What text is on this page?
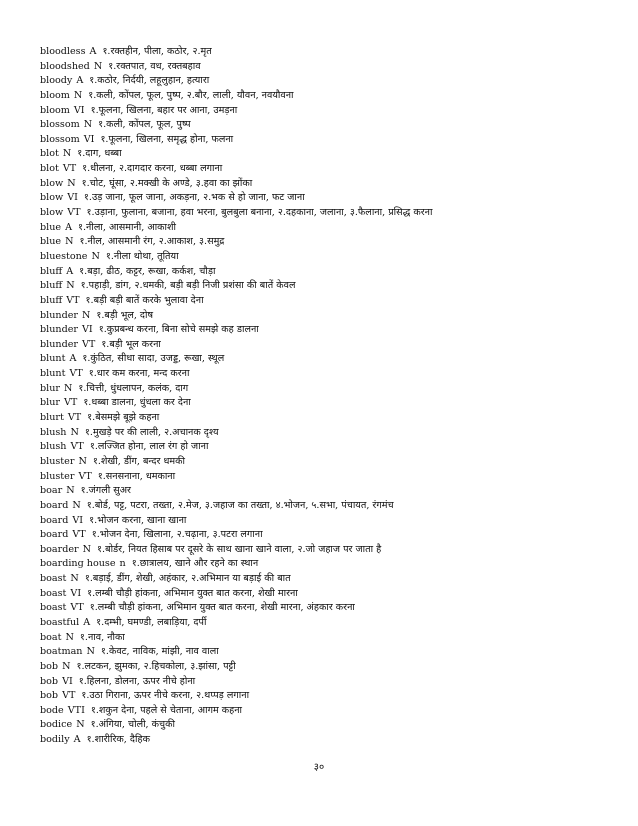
bloodless A १.रक्तहीन, पीला, कठोर, २.मृत
bloodshed N १.रक्तपात, वध, रक्तबहाव
bloody A १.कठोर, निर्दयी, लहूलुहान, हत्यारा
bloom N १.कली, कोंपल, फूल, पुष्प, २.बौर, लाली, यौवन, नवयौवना
bloom VI १.फूलना, खिलना, बहार पर आना, उमड़ना
blossom N १.कली, कोंपल, फूल, पुष्प
blossom VI १.फूलना, खिलना, समृद्ध होना, फलना
blot N १.दाग, धब्बा
blot VT १.धीलना, २.दागदार करना, धब्बा लगाना
blow N १.चोट, घूंसा, २.मक्खी के अण्डे, ३.हवा का झोंका
blow VI १.उड़ जाना, फूल जाना, अकड़ना, २.भक से हो जाना, फट जाना
blow VT १.उड़ाना, फुलाना, बजाना, हवा भरना, बुलबुला बनाना, २.दहकाना, जलाना, ३.फैलाना, प्रसिद्ध करना
blue A १.नीला, आसमानी, आकाशी
blue N १.नील, आसमानी रंग, २.आकाश, ३.समुद्र
bluestone N १.नीला थोथा, तूतिया
bluff A १.बड़ा, ढीठ, कट्टर, रूखा, कर्कश, चौड़ा
bluff N १.पहाड़ी, डांग, २.धमकी, बड़ी बड़ी निजी प्रशंसा की बातें केवल
bluff VT १.बड़ी बड़ी बातें करके भुलावा देना
blunder N १.बड़ी भूल, दोष
blunder VI १.कुप्रबन्ध करना, बिना सोचे समझे कह डालना
blunder VT १.बड़ी भूल करना
blunt A १.कुंठित, सीधा सादा, उजड्ड, रूखा, स्थूल
blunt VT १.धार कम करना, मन्द करना
blur N १.चित्ती, धुंधलापन, कलंक, दाग
blur VT १.धब्बा डालना, धुंधला कर देना
blurt VT १.बेसमझे बूझे कहना
blush N १.मुखड़े पर की लाली, २.अचानक दृश्य
blush VT १.लज्जित होना, लाल रंग हो जाना
bluster N १.शेखी, डींग, बन्दर धमकी
bluster VT १.सनसनाना, धमकाना
boar N १.जंगली सुअर
board N १.बोर्ड, पट्ट, पटरा, तख्ता, २.मेज, ३.जहाज का तख्ता, ४.भोजन, ५.सभा, पंचायत, रंगमंच
board VI १.भोजन करना, खाना खाना
board VT १.भोजन देना, खिलाना, २.चढ़ाना, ३.पटरा लगाना
boarder N १.बोर्डर, नियत हिसाब पर दूसरे के साथ खाना खाने वाला, २.जो जहाज पर जाता है
boarding house n १.छात्रालय, खाने और रहने का स्थान
boast N १.बड़ाई, डींग, शेखी, अहंकार, २.अभिमान या बड़ाई की बात
boast VI १.लम्बी चौड़ी हांकना, अभिमान युक्त बात करना, शेखी मारना
boast VT १.लम्बी चौड़ी हांकना, अभिमान युक्त बात करना, शेखी मारना, अंहकार करना
boastful A १.दम्भी, घमण्डी, लबाड़िया, दर्पी
boat N १.नाव, नौका
boatman N १.केवट, नाविक, मांझी, नाव वाला
bob N १.लटकन, झुमका, २.हिचकोला, ३.झांसा, पट्टी
bob VI १.हिलना, डोलना, ऊपर नीचे होना
bob VT १.उठा गिराना, ऊपर नीचे करना, २.थप्पड़ लगाना
bode VTI १.शकुन देना, पहले से चेताना, आगम कहना
bodice N १.अंगिया, चोली, कंचुकी
bodily A १.शारीरिक, दैहिक
३०
